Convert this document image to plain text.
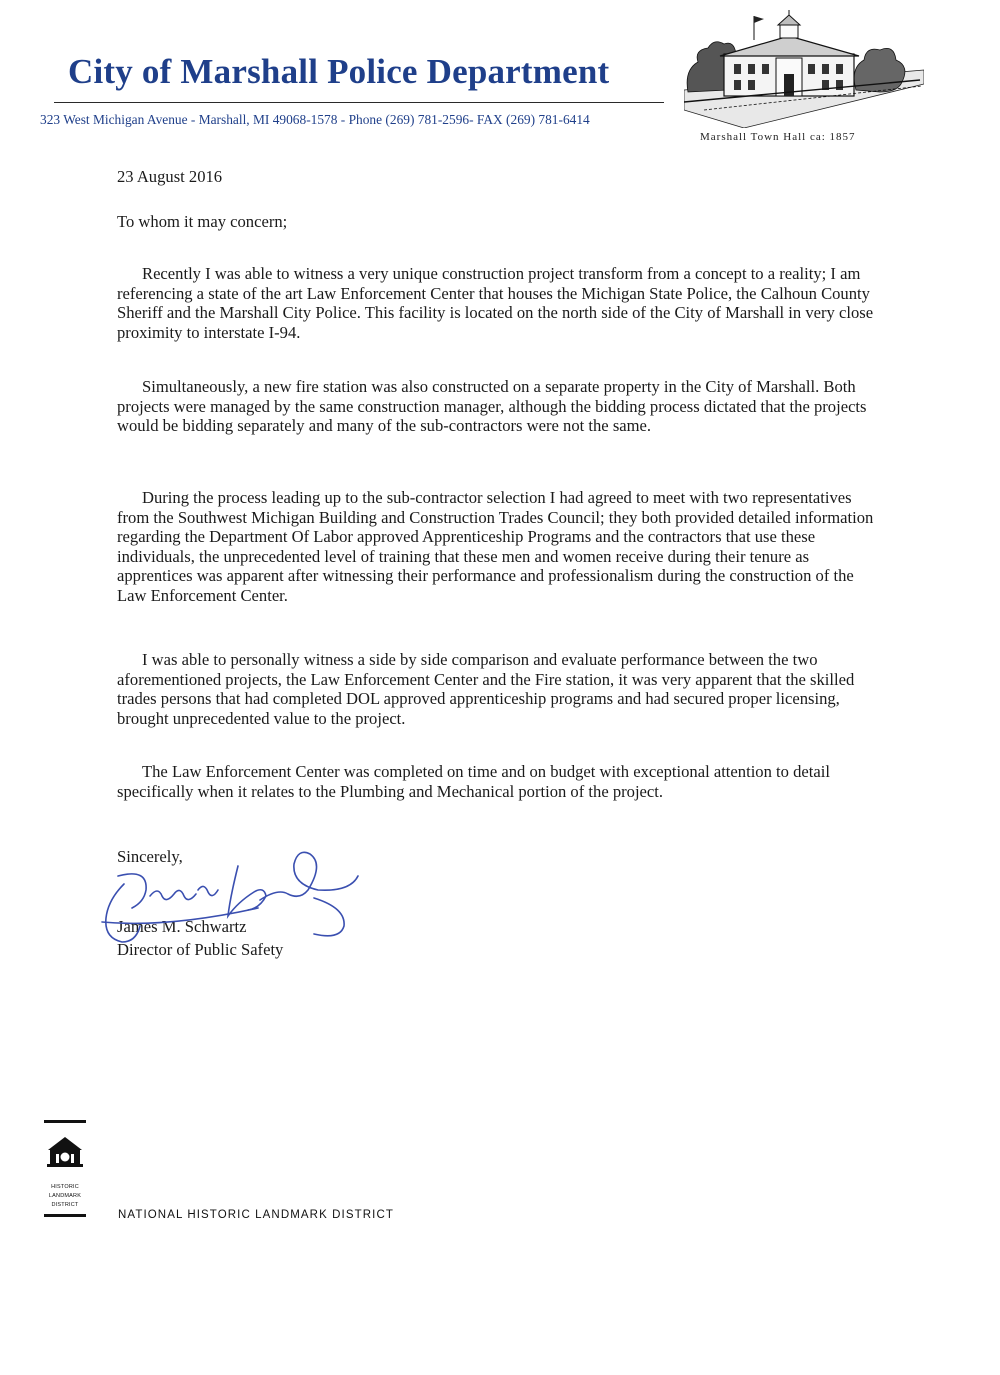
City of Marshall Police Department
323 West Michigan Avenue - Marshall, MI 49068-1578 - Phone (269) 781-2596- FAX (269) 781-6414
Marshall Town Hall ca: 1857

23 August 2016

To whom it may concern;

Recently I was able to witness a very unique construction project transform from a concept to a reality; I am referencing a state of the art Law Enforcement Center that houses the Michigan State Police, the Calhoun County Sheriff and the Marshall City Police. This facility is located on the north side of the City of Marshall in very close proximity to interstate I-94.

Simultaneously, a new fire station was also constructed on a separate property in the City of Marshall. Both projects were managed by the same construction manager, although the bidding process dictated that the projects would be bidding separately and many of the sub-contractors were not the same.

During the process leading up to the sub-contractor selection I had agreed to meet with two representatives from the Southwest Michigan Building and Construction Trades Council; they both provided detailed information regarding the Department Of Labor approved Apprenticeship Programs and the contractors that use these individuals, the unprecedented level of training that these men and women receive during their tenure as apprentices was apparent after witnessing their performance and professionalism during the construction of the Law Enforcement Center.

I was able to personally witness a side by side comparison and evaluate performance between the two aforementioned projects, the Law Enforcement Center and the Fire station, it was very apparent that the skilled trades persons that had completed DOL approved apprenticeship programs and had secured proper licensing, brought unprecedented value to the project.

The Law Enforcement Center was completed on time and on budget with exceptional attention to detail specifically when it relates to the Plumbing and Mechanical portion of the project.

Sincerely,

James M. Schwartz

Director of Public Safety

HISTORIC
LANDMARK
DISTRICT
NATIONAL HISTORIC LANDMARK DISTRICT
